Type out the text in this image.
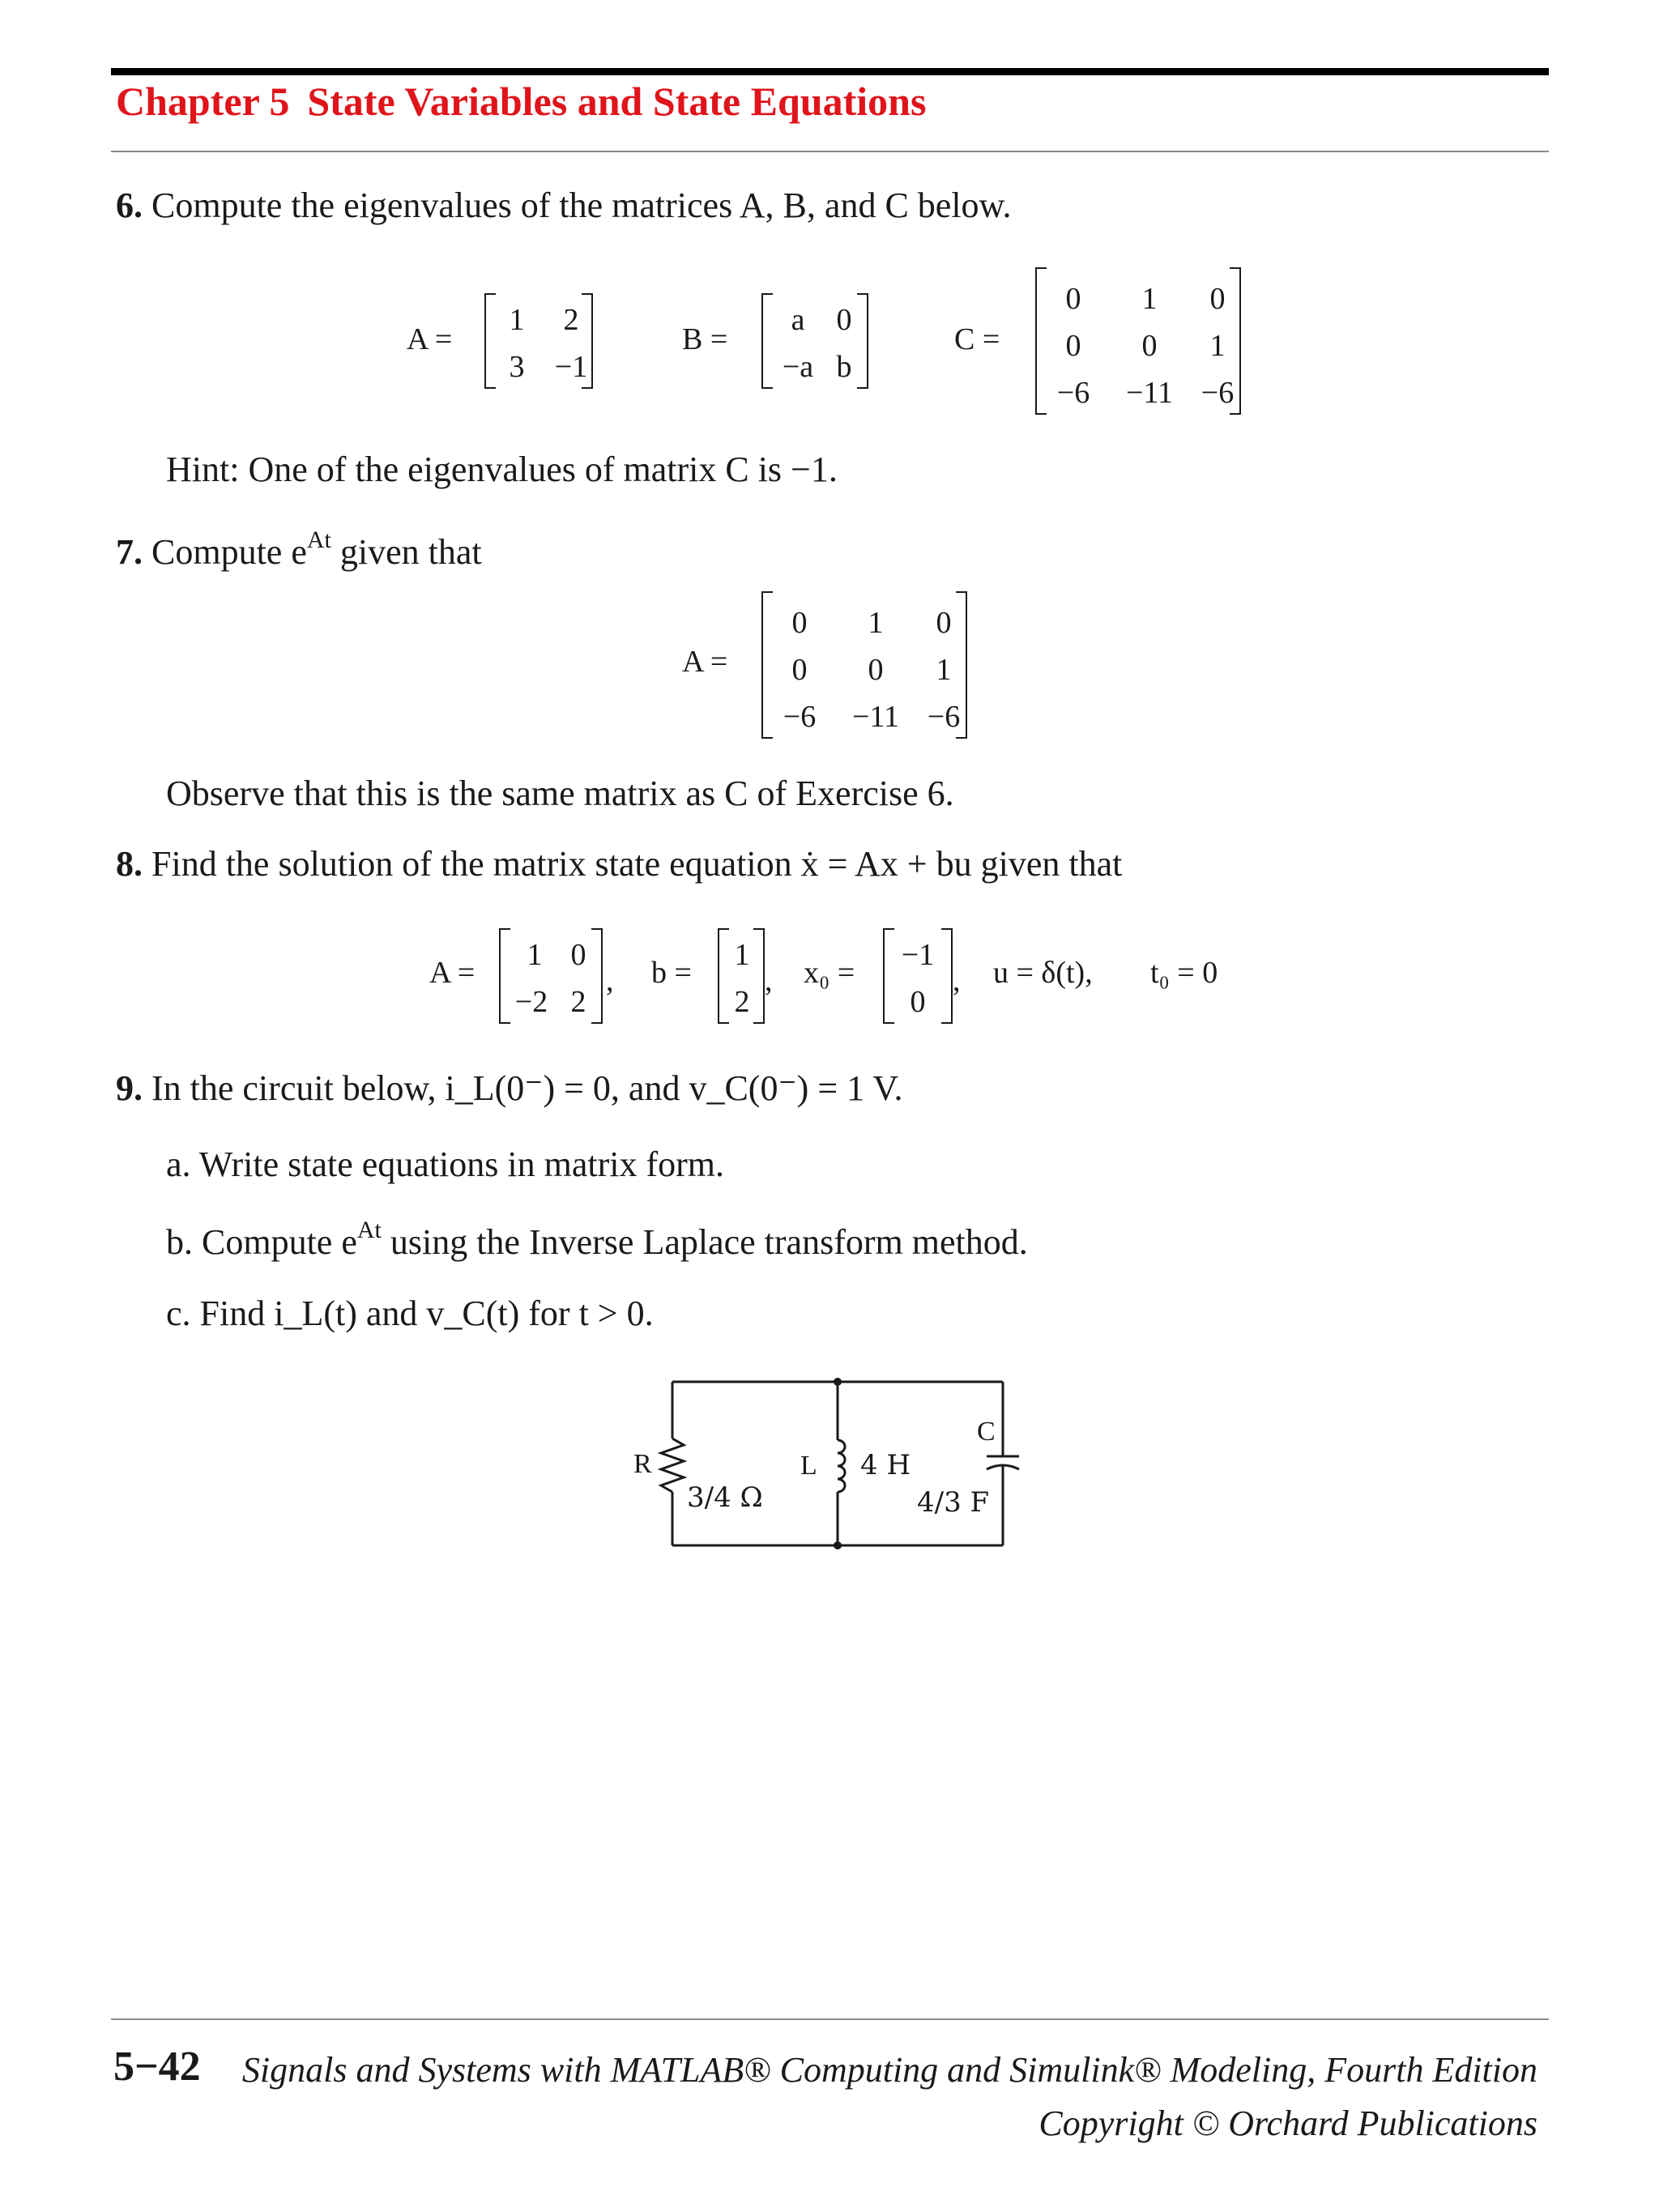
Chapter 5 State Variables and State Equations
6. Compute the eigenvalues of the matrices A, B, and C below.
A =
1	2
3 −1
B =
a	0
−a b
C =
0	1	0
0	0	1
−6	−11 −6
Hint: One of the eigenvalues of matrix C is −1.
7. Compute $e^{At}$ given that
A =
0	1	0
0	0	1
−6	−11 −6
Observe that this is the same matrix as C of Exercise 6.
8. Find the solution of the matrix state equation ẋ = Ax + bu given that
A =
1 0
−2 2
, b =
1
2
, x₀ =
−1
0
, u = δ(t), t₀ = 0
9. In the circuit below, i_L(0⁻) = 0, and v_C(0⁻) = 1 V.
a. Write state equations in matrix form.
b. Compute $e^{At}$ using the Inverse Laplace transform method.
c. Find i_L(t) and v_C(t) for t > 0.
R
3/4 Ω
L 4 H
C
4/3 F
5−42 Signals and Systems with MATLAB® Computing and Simulink® Modeling, Fourth Edition
Copyright © Orchard Publications
